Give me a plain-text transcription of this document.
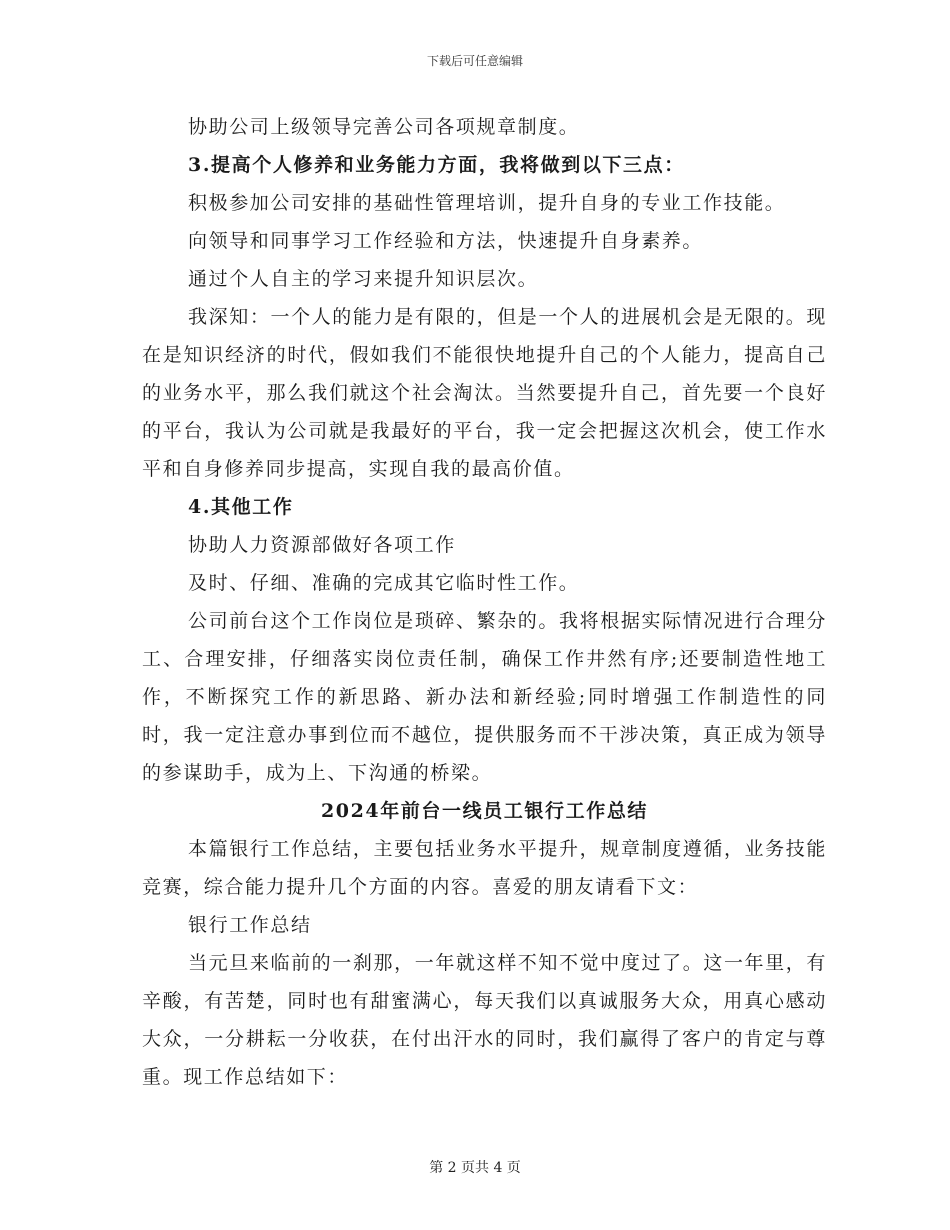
下载后可任意编辑

协助公司上级领导完善公司各项规章制度。

3.提高个人修养和业务能力方面，我将做到以下三点：

积极参加公司安排的基础性管理培训，提升自身的专业工作技能。

向领导和同事学习工作经验和方法，快速提升自身素养。

通过个人自主的学习来提升知识层次。

我深知：一个人的能力是有限的，但是一个人的进展机会是无限的。现在是知识经济的时代，假如我们不能很快地提升自己的个人能力，提高自己的业务水平，那么我们就这个社会淘汰。当然要提升自己，首先要一个良好的平台，我认为公司就是我最好的平台，我一定会把握这次机会，使工作水平和自身修养同步提高，实现自我的最高价值。

4.其他工作

协助人力资源部做好各项工作

及时、仔细、准确的完成其它临时性工作。

公司前台这个工作岗位是琐碎、繁杂的。我将根据实际情况进行合理分工、合理安排，仔细落实岗位责任制，确保工作井然有序;还要制造性地工作，不断探究工作的新思路、新办法和新经验;同时增强工作制造性的同时，我一定注意办事到位而不越位，提供服务而不干涉决策，真正成为领导的参谋助手，成为上、下沟通的桥梁。

2024年前台一线员工银行工作总结

本篇银行工作总结，主要包括业务水平提升，规章制度遵循，业务技能竞赛，综合能力提升几个方面的内容。喜爱的朋友请看下文：

银行工作总结

当元旦来临前的一刹那，一年就这样不知不觉中度过了。这一年里，有辛酸，有苦楚，同时也有甜蜜满心，每天我们以真诚服务大众，用真心感动大众，一分耕耘一分收获，在付出汗水的同时，我们赢得了客户的肯定与尊重。现工作总结如下：

第 2 页共 4 页
